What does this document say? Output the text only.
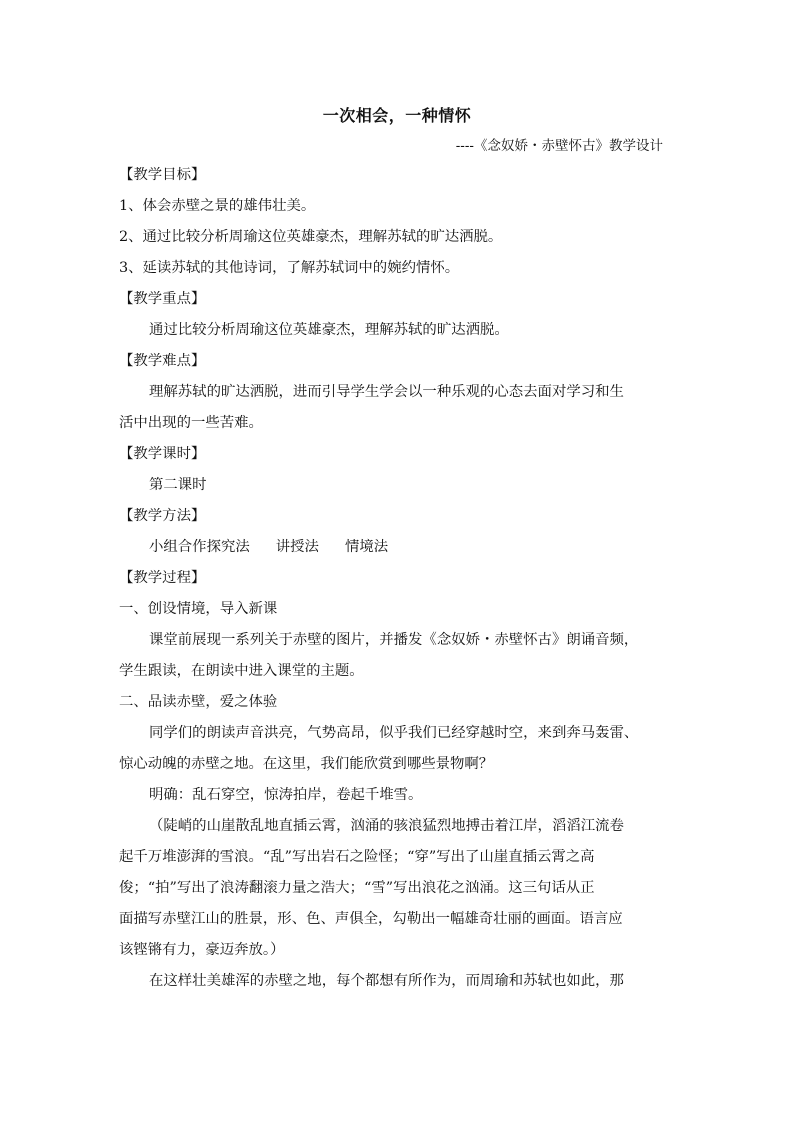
一次相会，一种情怀
----《念奴娇・赤壁怀古》教学设计
【教学目标】
1、体会赤壁之景的雄伟壮美。
2、通过比较分析周瑜这位英雄豪杰，理解苏轼的旷达洒脱。
3、延读苏轼的其他诗词，了解苏轼词中的婉约情怀。
【教学重点】
通过比较分析周瑜这位英雄豪杰，理解苏轼的旷达洒脱。
【教学难点】
理解苏轼的旷达洒脱，进而引导学生学会以一种乐观的心态去面对学习和生
活中出现的一些苦难。
【教学课时】
第二课时
【教学方法】
小组合作探究法 讲授法 情境法
【教学过程】
一、创设情境，导入新课
课堂前展现一系列关于赤壁的图片，并播发《念奴娇・赤壁怀古》朗诵音频，
学生跟读，在朗读中进入课堂的主题。
二、品读赤壁，爱之体验
同学们的朗读声音洪亮，气势高昂，似乎我们已经穿越时空，来到奔马轰雷、
惊心动魄的赤壁之地。在这里，我们能欣赏到哪些景物啊？
明确：乱石穿空，惊涛拍岸，卷起千堆雪。
（陡峭的山崖散乱地直插云霄，汹涌的骇浪猛烈地搏击着江岸，滔滔江流卷
起千万堆澎湃的雪浪。“乱”写出岩石之险怪；“穿”写出了山崖直插云霄之高
俊；“拍”写出了浪涛翻滚力量之浩大；“雪”写出浪花之汹涌。这三句话从正
面描写赤壁江山的胜景，形、色、声俱全，勾勒出一幅雄奇壮丽的画面。语言应
该铿锵有力，豪迈奔放。）
在这样壮美雄浑的赤壁之地，每个都想有所作为，而周瑜和苏轼也如此，那
